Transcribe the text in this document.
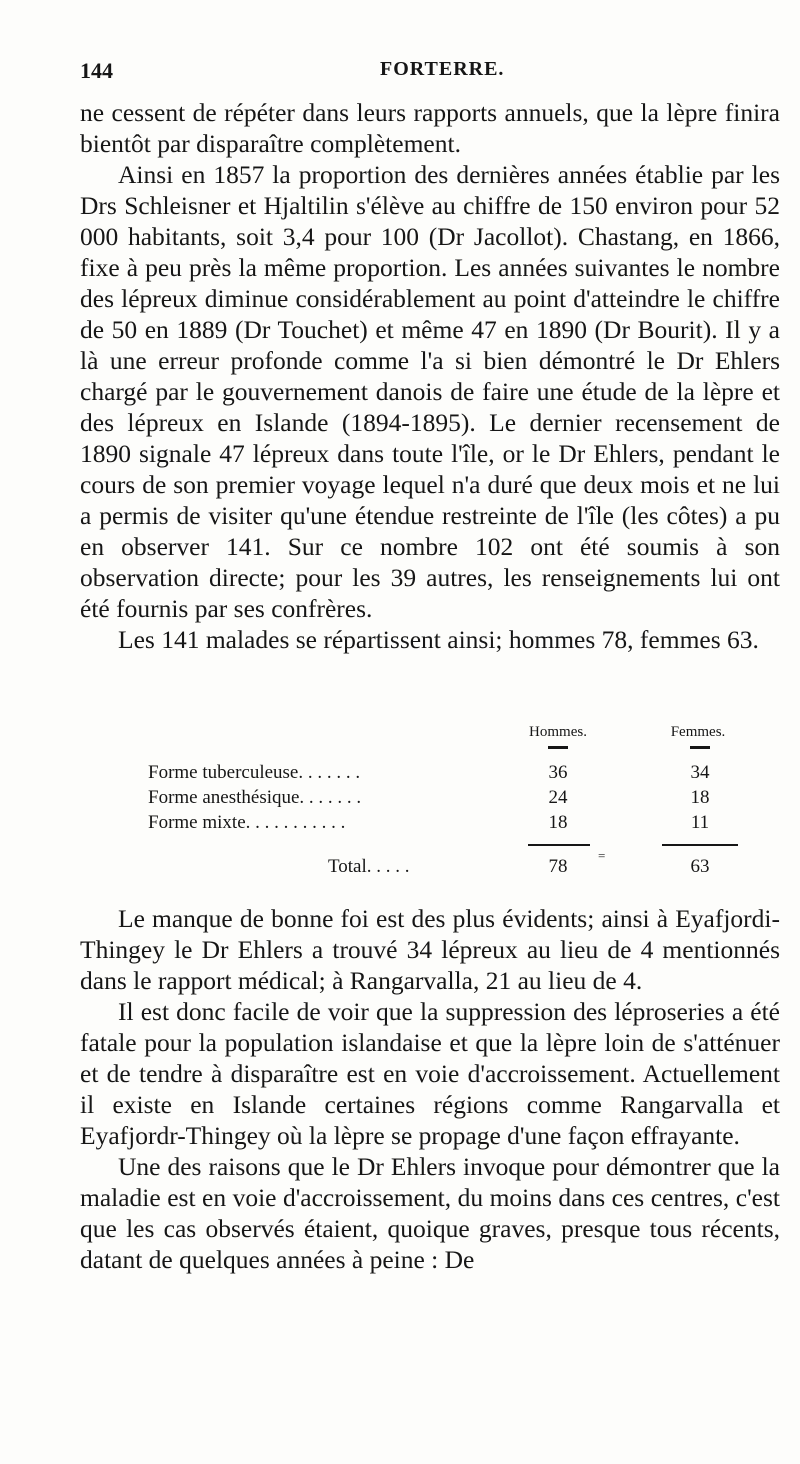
144	FORTERRE.

ne cessent de répéter dans leurs rapports annuels, que la lèpre finira bientôt par disparaître complètement.

Ainsi en 1857 la proportion des dernières années établie par les Drs Schleisner et Hjaltilin s'élève au chiffre de 150 environ pour 52 000 habitants, soit 3,4 pour 100 (Dr Jacollot). Chastang, en 1866, fixe à peu près la même proportion. Les années suivantes le nombre des lépreux diminue considérablement au point d'atteindre le chiffre de 50 en 1889 (Dr Touchet) et même 47 en 1890 (Dr Bourit). Il y a là une erreur profonde comme l'a si bien démontré le Dr Ehlers chargé par le gouvernement danois de faire une étude de la lèpre et des lépreux en Islande (1894-1895). Le dernier recensement de 1890 signale 47 lépreux dans toute l'île, or le Dr Ehlers, pendant le cours de son premier voyage lequel n'a duré que deux mois et ne lui a permis de visiter qu'une étendue restreinte de l'île (les côtes) a pu en observer 141. Sur ce nombre 102 ont été soumis à son observation directe; pour les 39 autres, les renseignements lui ont été fournis par ses confrères.

Les 141 malades se répartissent ainsi; hommes 78, femmes 63.

Hommes.	Femmes.
Forme tuberculeuse. . . . . . .	36	34
Forme anesthésique. . . . . . .	24	18
Forme mixte. . . . . . . . . . .	18	11
=
Total. . . . .	78	63

Le manque de bonne foi est des plus évidents; ainsi à Eyafjordi-Thingey le Dr Ehlers a trouvé 34 lépreux au lieu de 4 mentionnés dans le rapport médical; à Rangarvalla, 21 au lieu de 4.

Il est donc facile de voir que la suppression des léproseries a été fatale pour la population islandaise et que la lèpre loin de s'atténuer et de tendre à disparaître est en voie d'accroissement. Actuellement il existe en Islande certaines régions comme Rangarvalla et Eyafjordr-Thingey où la lèpre se propage d'une façon effrayante.

Une des raisons que le Dr Ehlers invoque pour démontrer que la maladie est en voie d'accroissement, du moins dans ces centres, c'est que les cas observés étaient, quoique graves, presque tous récents, datant de quelques années à peine : De
